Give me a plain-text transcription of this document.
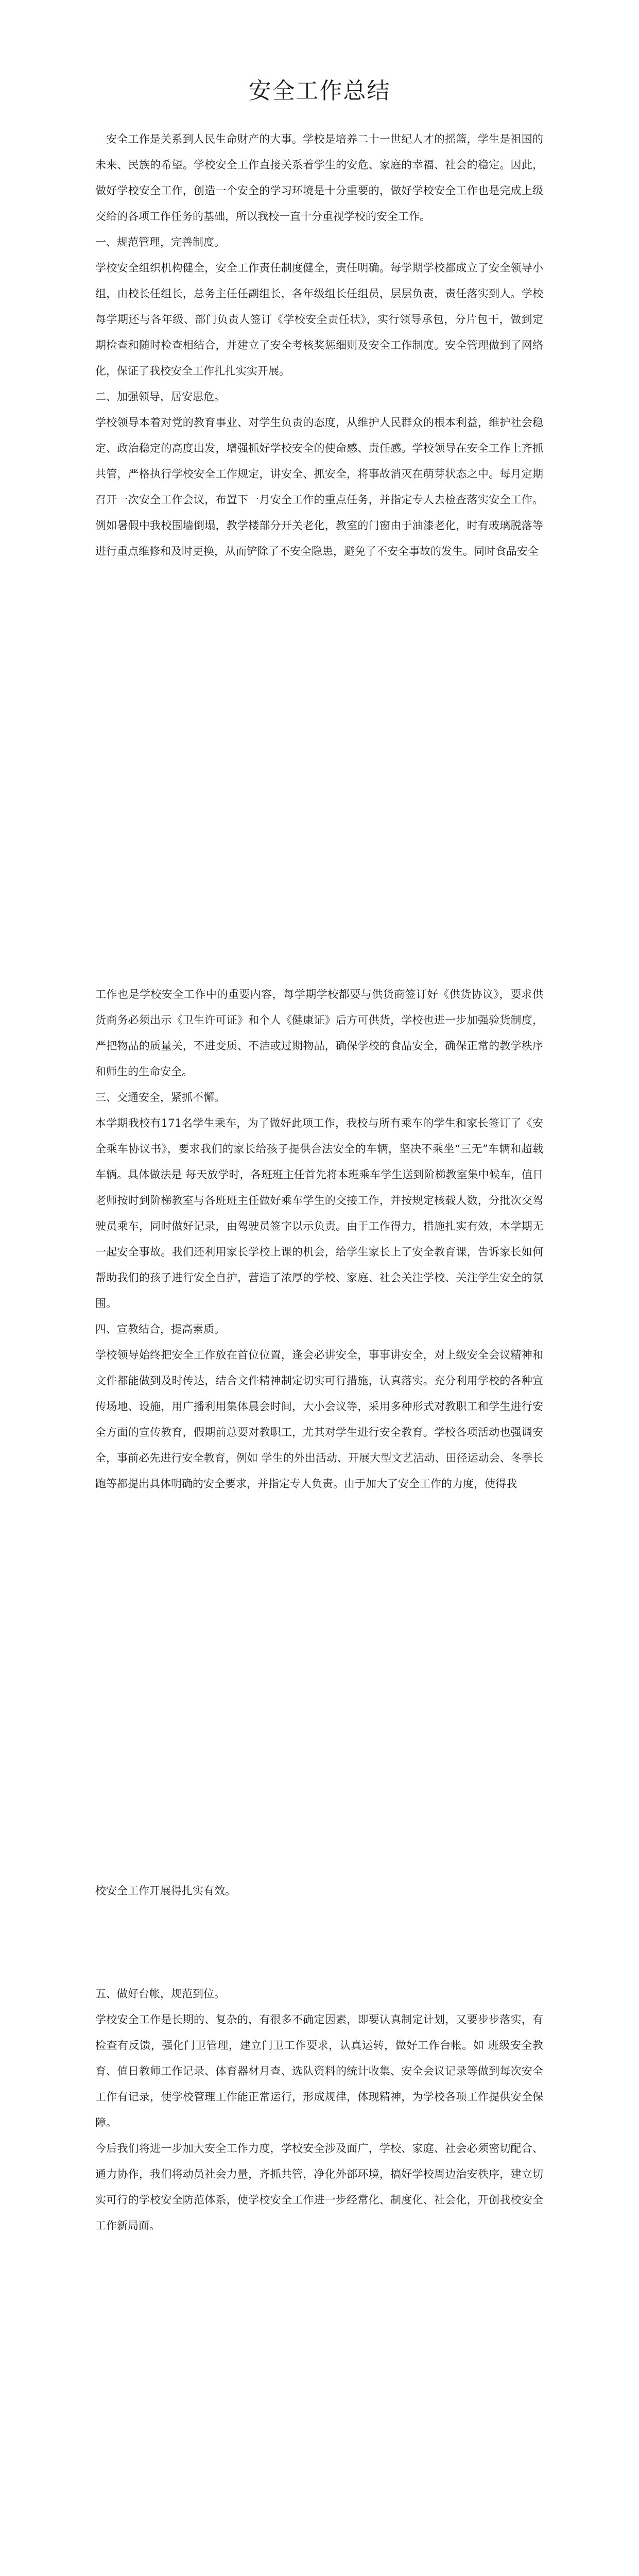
安全工作总结

安全工作是关系到人民生命财产的大事。学校是培养二十一世纪人才的摇篮，学生是祖国的未来、民族的希望。学校安全工作直接关系着学生的安危、家庭的幸福、社会的稳定。因此，做好学校安全工作，创造一个安全的学习环境是十分重要的，做好学校安全工作也是完成上级交给的各项工作任务的基础，所以我校一直十分重视学校的安全工作。

一、规范管理，完善制度。

学校安全组织机构健全，安全工作责任制度健全，责任明确。每学期学校都成立了安全领导小组，由校长任组长，总务主任任副组长，各年级组长任组员，层层负责，责任落实到人。学校每学期还与各年级、部门负责人签订《学校安全责任状》，实行领导承包，分片包干，做到定期检查和随时检查相结合，并建立了安全考核奖惩细则及安全工作制度。安全管理做到了网络化，保证了我校安全工作扎扎实实开展。

二、加强领导，居安思危。

学校领导本着对党的教育事业、对学生负责的态度，从维护人民群众的根本利益，维护社会稳定、政治稳定的高度出发，增强抓好学校安全的使命感、责任感。学校领导在安全工作上齐抓共管，严格执行学校安全工作规定，讲安全、抓安全，将事故消灭在萌芽状态之中。每月定期召开一次安全工作会议，布置下一月安全工作的重点任务，并指定专人去检查落实安全工作。例如暑假中我校围墙倒塌，教学楼部分开关老化，教室的门窗由于油漆老化，时有玻璃脱落等进行重点维修和及时更换，从而铲除了不安全隐患，避免了不安全事故的发生。同时食品安全

工作也是学校安全工作中的重要内容，每学期学校都要与供货商签订好《供货协议》，要求供货商务必须出示《卫生许可证》和个人《健康证》后方可供货，学校也进一步加强验货制度，严把物品的质量关，不进变质、不洁或过期物品，确保学校的食品安全，确保正常的教学秩序和师生的生命安全。

三、交通安全，紧抓不懈。

本学期我校有171名学生乘车，为了做好此项工作，我校与所有乘车的学生和家长签订了《安全乘车协议书》，要求我们的家长给孩子提供合法安全的车辆，坚决不乘坐“三无”车辆和超载车辆。具体做法是 每天放学时，各班班主任首先将本班乘车学生送到阶梯教室集中候车，值日老师按时到阶梯教室与各班班主任做好乘车学生的交接工作，并按规定核载人数，分批次交驾驶员乘车，同时做好记录，由驾驶员签字以示负责。由于工作得力，措施扎实有效，本学期无一起安全事故。我们还利用家长学校上课的机会，给学生家长上了安全教育课，告诉家长如何帮助我们的孩子进行安全自护，营造了浓厚的学校、家庭、社会关注学校、关注学生安全的氛围。

四、宣教结合，提高素质。

学校领导始终把安全工作放在首位位置，逢会必讲安全，事事讲安全，对上级安全会议精神和文件都能做到及时传达，结合文件精神制定切实可行措施，认真落实。充分利用学校的各种宣传场地、设施，用广播利用集体晨会时间，大小会议等，采用多种形式对教职工和学生进行安全方面的宣传教育，假期前总要对教职工，尤其对学生进行安全教育。学校各项活动也强调安全，事前必先进行安全教育，例如 学生的外出活动、开展大型文艺活动、田径运动会、冬季长跑等都提出具体明确的安全要求，并指定专人负责。由于加大了安全工作的力度，使得我

校安全工作开展得扎实有效。

五、做好台帐，规范到位。

学校安全工作是长期的、复杂的，有很多不确定因素，即要认真制定计划，又要步步落实，有检查有反馈，强化门卫管理，建立门卫工作要求，认真运转，做好工作台帐。如 班级安全教育、值日教师工作记录、体育器材月查、选队资料的统计收集、安全会议记录等做到每次安全工作有记录，使学校管理工作能正常运行，形成规律，体现精神，为学校各项工作提供安全保障。

今后我们将进一步加大安全工作力度，学校安全涉及面广，学校、家庭、社会必须密切配合、通力协作，我们将动员社会力量，齐抓共管，净化外部环境，搞好学校周边治安秩序，建立切实可行的学校安全防范体系，使学校安全工作进一步经常化、制度化、社会化，开创我校安全工作新局面。
